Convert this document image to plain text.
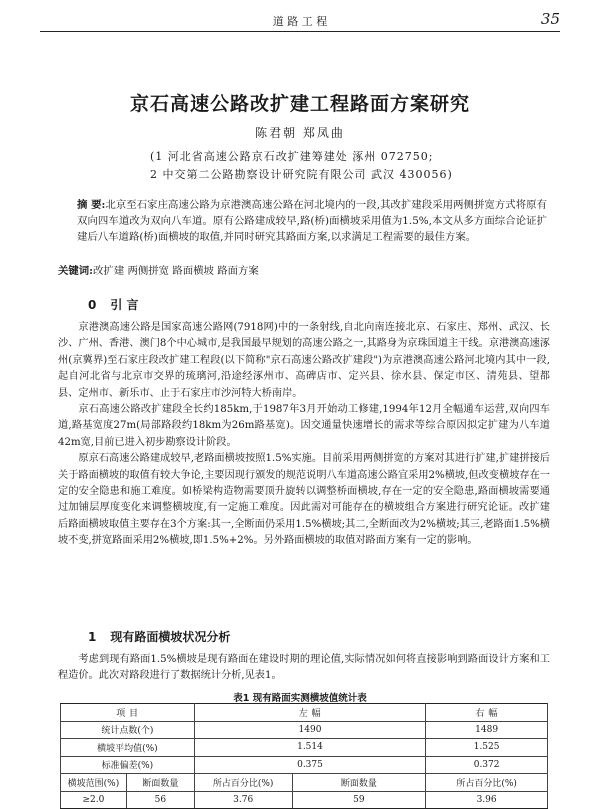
道 路 工 程	35
京石高速公路改扩建工程路面方案研究
陈君朝 郑凤曲
(1 河北省高速公路京石改扩建筹建处 涿州 072750;
2 中交第二公路勘察设计研究院有限公司 武汉 430056)
摘 要:北京至石家庄高速公路为京港澳高速公路在河北境内的一段,其改扩建段采用两侧拼宽方式将原有双向四车道改为双向八车道。原有公路建成较早,路(桥)面横坡采用值为1.5%,本文从多方面综合论证扩建后八车道路(桥)面横坡的取值,并同时研究其路面方案,以求满足工程需要的最佳方案。
关键词:改扩建 两侧拼宽 路面横坡 路面方案
0 引 言

京港澳高速公路是国家高速公路网(7918网)中的一条射线,自北向南连接北京、石家庄、郑州、武汉、长沙、广州、香港、澳门8个中心城市,是我国最早规划的高速公路之一,其路身为京珠国道主干线。京港澳高速涿州(京冀界)至石家庄段改扩建工程段(以下简称"京石高速公路改扩建段")为京港澳高速公路河北境内其中一段,起自河北省与北京市交界的琉璃河,沿途经涿州市、高碑店市、定兴县、徐水县、保定市区、清苑县、望都县、定州市、新乐市、止于石家庄市沙河特大桥南岸。

京石高速公路改扩建段全长约185km,于1987年3月开始动工修建,1994年12月全幅通车运营,双向四车道,路基宽度27m(局部路段约18km为26m路基宽)。因交通量快速增长的需求等综合原因拟定扩建为八车道42m宽,目前已进入初步勘察设计阶段。

原京石高速公路建成较早,老路面横坡按照1.5%实施。目前采用两侧拼宽的方案对其进行扩建,扩建拼接后关于路面横坡的取值有较大争论,主要因现行颁发的规范说明八车道高速公路宜采用2%横坡,但改变横坡存在一定的安全隐患和施工难度。如桥梁构造物需要顶升旋转以调整桥面横坡,存在一定的安全隐患,路面横坡需要通过加铺层厚度变化来调整横坡度,有一定施工难度。因此需对可能存在的横坡组合方案进行研究论证。改扩建后路面横坡取值主要存在3个方案:其一,全断面仍采用1.5%横坡;其二,全断面改为2%横坡;其三,老路面1.5%横坡不变,拼宽路面采用2%横坡,即1.5%+2%。另外路面横坡的取值对路面方案有一定的影响。

1 现有路面横坡状况分析

考虑到现有路面1.5%横坡是现有路面在建设时期的理论值,实际情况如何将直接影响到路面设计方案和工程造价。此次对路段进行了数据统计分析,见表1。

表1 现有路面实测横坡值统计表
项 目		左 幅		右 幅
统计点数(个)		1490		1489
横坡平均值(%)		1.514		1.525
标准偏差(%)		0.375		0.372
横坡范围(%)	断面数量	所占百分比(%)	断面数量	所占百分比(%)
≥2.0	56	3.76	59	3.96
